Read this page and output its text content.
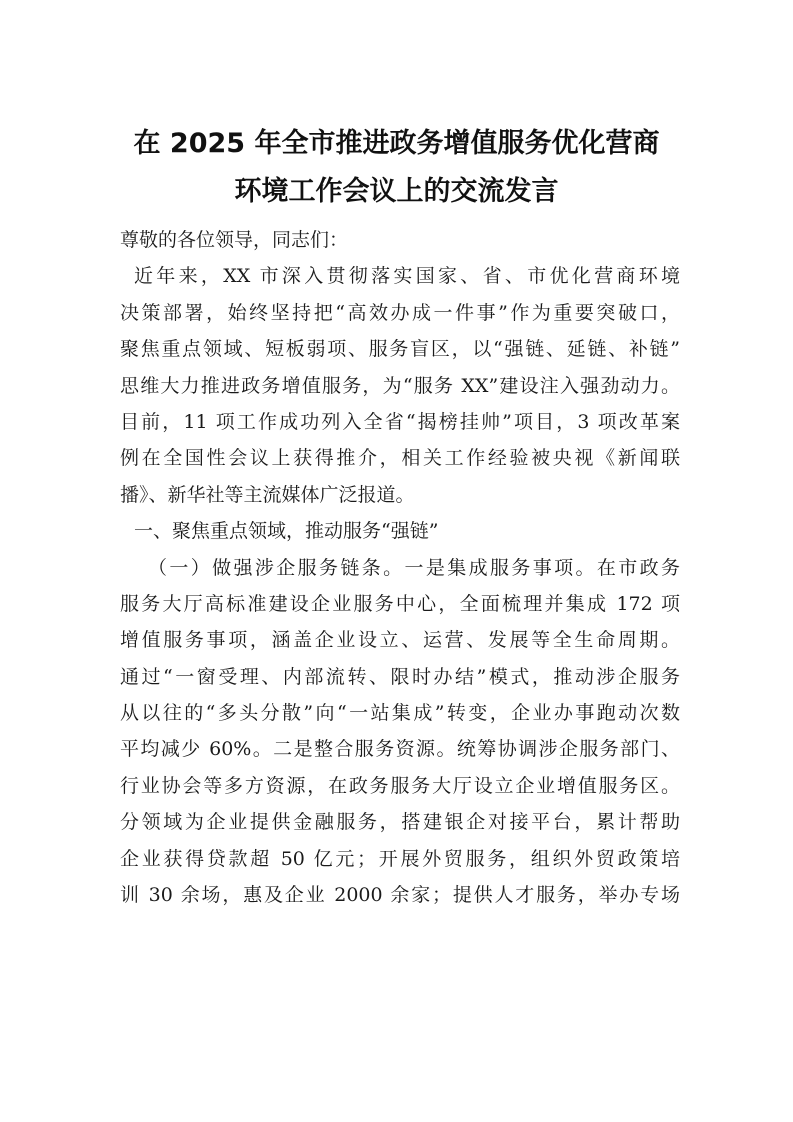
在 2025 年全市推进政务增值服务优化营商
环境工作会议上的交流发言
尊敬的各位领导，同志们：
近年来，XX 市深入贯彻落实国家、省、市优化营商环境
决策部署，始终坚持把“高效办成一件事”作为重要突破口，
聚焦重点领域、短板弱项、服务盲区，以“强链、延链、补链”
思维大力推进政务增值服务，为“服务 XX”建设注入强劲动力。
目前，11 项工作成功列入全省“揭榜挂帅”项目，3 项改革案
例在全国性会议上获得推介，相关工作经验被央视《新闻联
播》、新华社等主流媒体广泛报道。
一、聚焦重点领域，推动服务“强链”
（一）做强涉企服务链条。一是集成服务事项。在市政务
服务大厅高标准建设企业服务中心，全面梳理并集成 172 项
增值服务事项，涵盖企业设立、运营、发展等全生命周期。
通过“一窗受理、内部流转、限时办结”模式，推动涉企服务
从以往的“多头分散”向“一站集成”转变，企业办事跑动次数
平均减少 60%。二是整合服务资源。统筹协调涉企服务部门、
行业协会等多方资源，在政务服务大厅设立企业增值服务区。
分领域为企业提供金融服务，搭建银企对接平台，累计帮助
企业获得贷款超 50 亿元；开展外贸服务，组织外贸政策培
训 30 余场，惠及企业 2000 余家；提供人才服务，举办专场
